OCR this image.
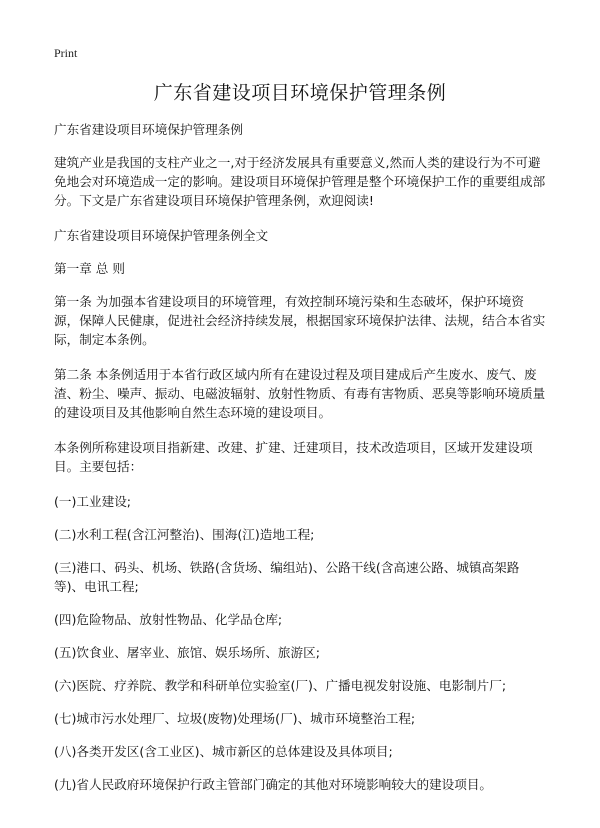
Print
广东省建设项目环境保护管理条例

广东省建设项目环境保护管理条例

建筑产业是我国的支柱产业之一,对于经济发展具有重要意义,然而人类的建设行为不可避免地会对环境造成一定的影响。建设项目环境保护管理是整个环境保护工作的重要组成部分。下文是广东省建设项目环境保护管理条例，欢迎阅读!

广东省建设项目环境保护管理条例全文

第一章 总 则

第一条 为加强本省建设项目的环境管理，有效控制环境污染和生态破坏，保护环境资源，保障人民健康，促进社会经济持续发展，根据国家环境保护法律、法规，结合本省实际，制定本条例。

第二条 本条例适用于本省行政区域内所有在建设过程及项目建成后产生废水、废气、废渣、粉尘、噪声、振动、电磁波辐射、放射性物质、有毒有害物质、恶臭等影响环境质量的建设项目及其他影响自然生态环境的建设项目。

本条例所称建设项目指新建、改建、扩建、迁建项目，技术改造项目，区域开发建设项目。主要包括：

(一)工业建设;

(二)水利工程(含江河整治)、围海(江)造地工程;

(三)港口、码头、机场、铁路(含货场、编组站)、公路干线(含高速公路、城镇高架路等)、电讯工程;

(四)危险物品、放射性物品、化学品仓库;

(五)饮食业、屠宰业、旅馆、娱乐场所、旅游区;

(六)医院、疗养院、教学和科研单位实验室(厂)、广播电视发射设施、电影制片厂;

(七)城市污水处理厂、垃圾(废物)处理场(厂)、城市环境整治工程;

(八)各类开发区(含工业区)、城市新区的总体建设及具体项目;

(九)省人民政府环境保护行政主管部门确定的其他对环境影响较大的建设项目。
